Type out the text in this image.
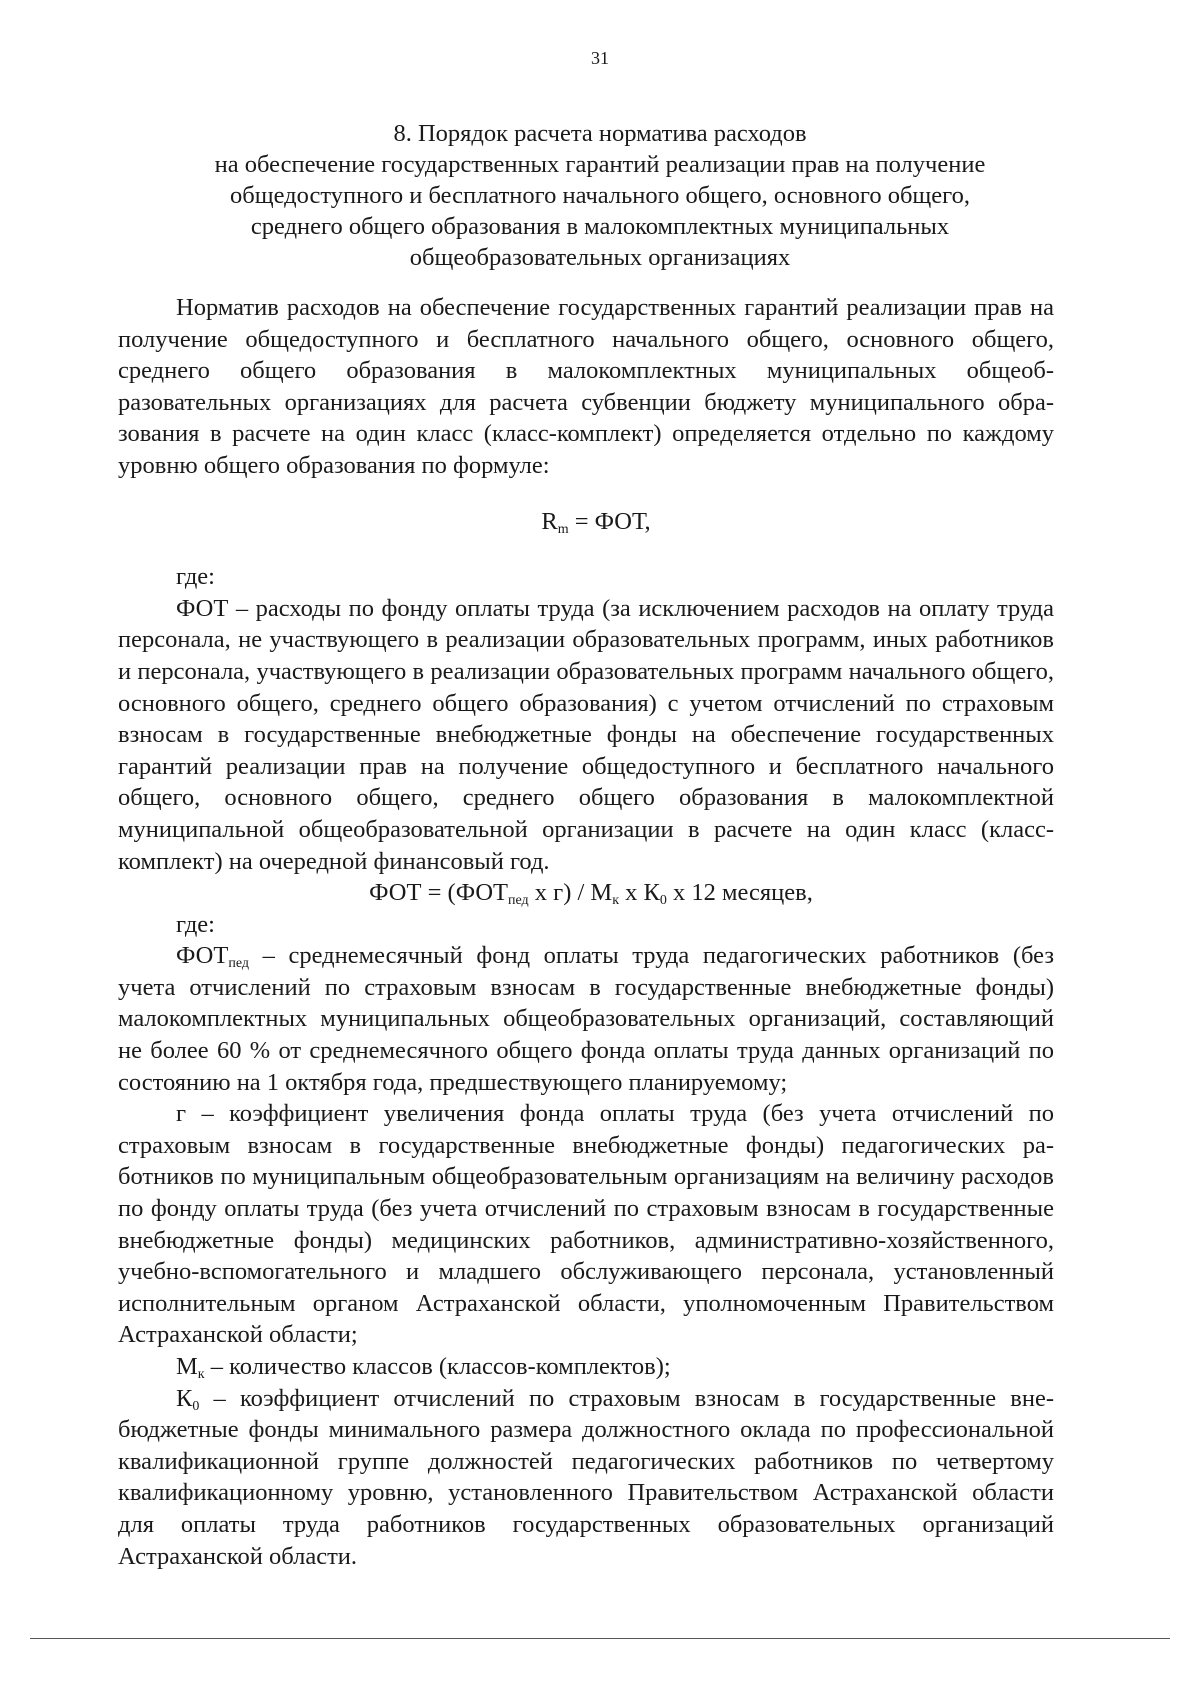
31
8. Порядок расчета норматива расходов
на обеспечение государственных гарантий реализации прав на получение
общедоступного и бесплатного начального общего, основного общего,
среднего общего образования в малокомплектных муниципальных
общеобразовательных организациях

Норматив расходов на обеспечение государственных гарантий реализации прав на получение общедоступного и бесплатного начального общего, основного общего, среднего общего образования в малокомплектных муниципальных общеобразовательных организациях для расчета субвенции бюджету муниципального образования в расчете на один класс (класс-комплект) определяется отдельно по каждому уровню общего образования по формуле:

$R_m$ = ФОТ,

где:

ФОТ – расходы по фонду оплаты труда (за исключением расходов на оплату труда персонала, не участвующего в реализации образовательных программ, иных работников и персонала, участвующего в реализации образовательных программ начального общего, основного общего, среднего общего образования) с учетом отчислений по страховым взносам в государственные внебюджетные фонды на обеспечение государственных гарантий реализации прав на получение общедоступного и бесплатного начального общего, основного общего, среднего общего образования в малокомплектной муниципальной общеобразовательной организации в расчете на один класс (класс-комплект) на очередной финансовый год.

ФОТ = ($ФОТ_{пед}$ x $г) / М_к$ x $К_0$ x 12 месяцев,

где:

$ФОТ_{пед}$ – среднемесячный фонд оплаты труда педагогических работников (без учета отчислений по страховым взносам в государственные внебюджетные фонды) малокомплектных муниципальных общеобразовательных организаций, составляющий не более 60 % от среднемесячного общего фонда оплаты труда данных организаций по состоянию на 1 октября года, предшествующего планируемому;

г – коэффициент увеличения фонда оплаты труда (без учета отчислений по страховым взносам в государственные внебюджетные фонды) педагогических работников по муниципальным общеобразовательным организациям на величину расходов по фонду оплаты труда (без учета отчислений по страховым взносам в государственные внебюджетные фонды) медицинских работников, административно-хозяйственного, учебно-вспомогательного и младшего обслуживающего персонала, установленный исполнительным органом Астраханской области, уполномоченным Правительством Астраханской области;

$М_к$ – количество классов (классов-комплектов);

$К_0$ – коэффициент отчислений по страховым взносам в государственные внебюджетные фонды минимального размера должностного оклада по профессиональной квалификационной группе должностей педагогических работников по четвертому квалификационному уровню, установленного Правительством Астраханской области для оплаты труда работников государственных образовательных организаций Астраханской области.
